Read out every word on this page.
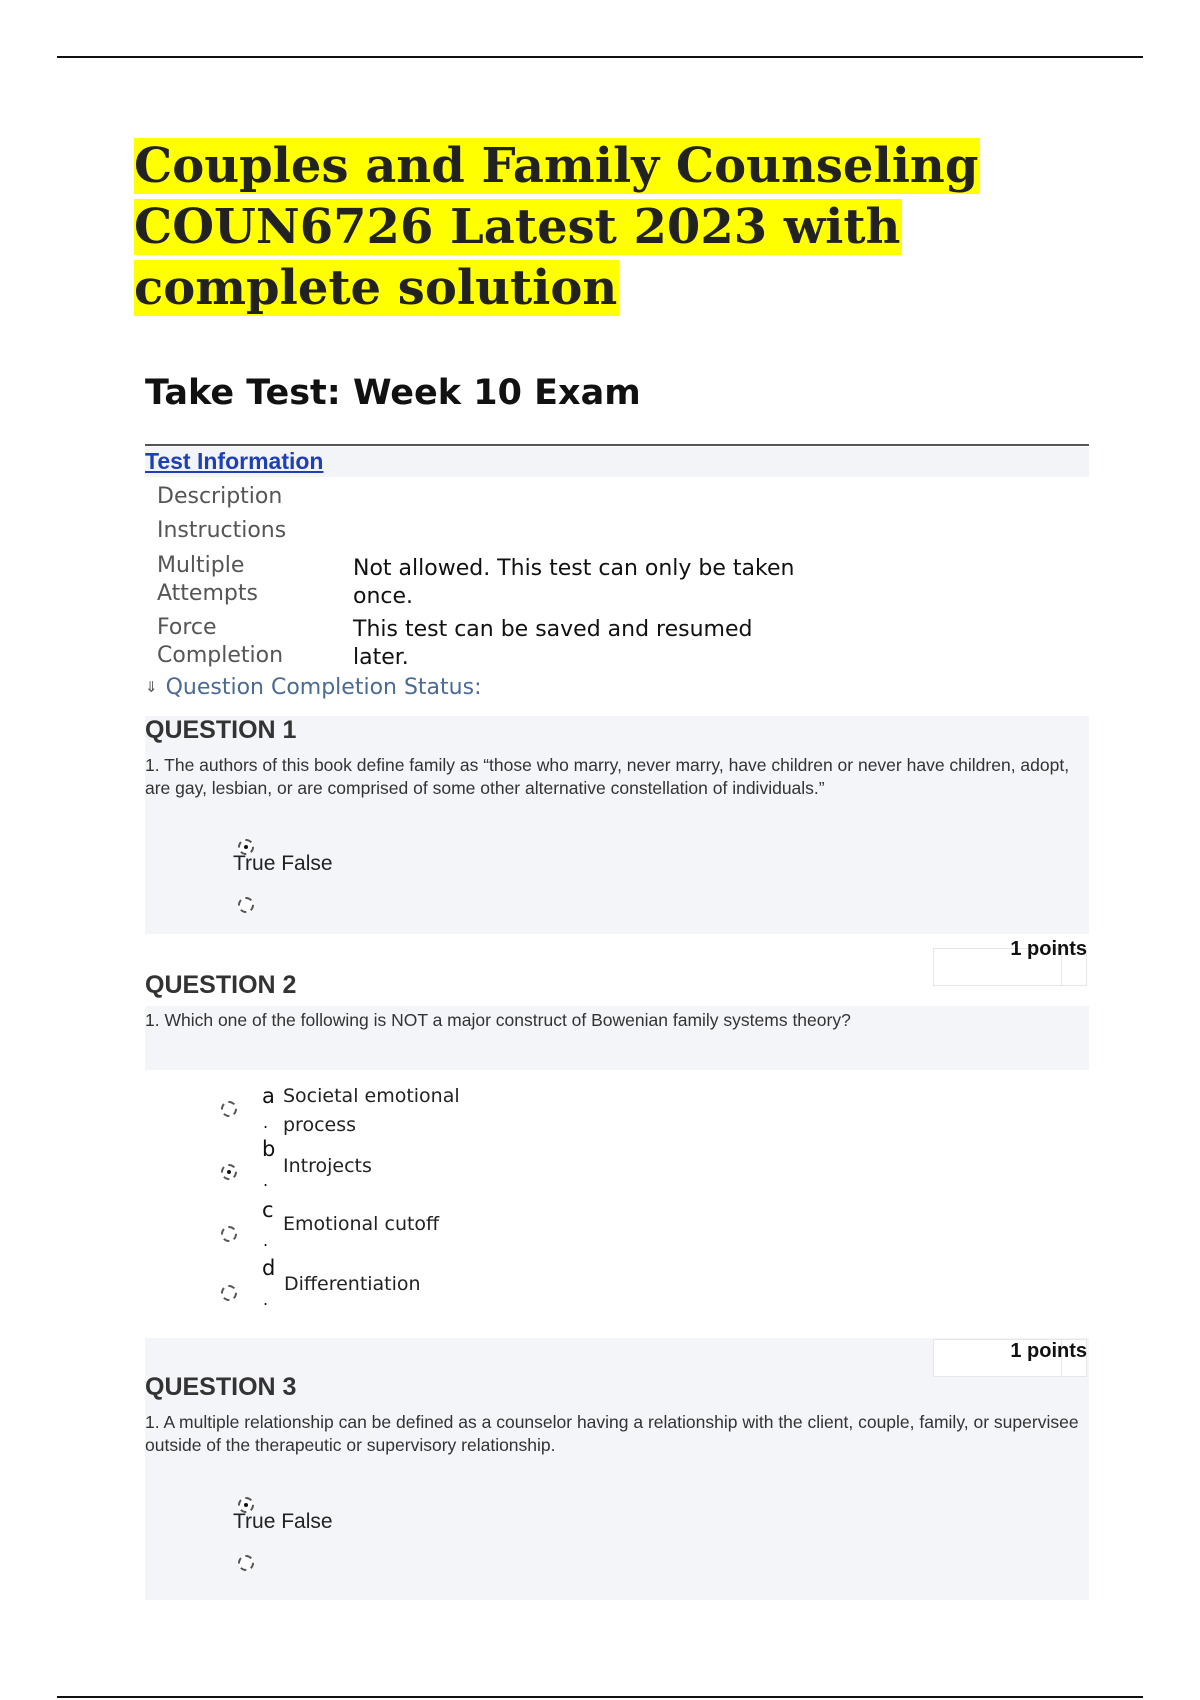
Couples and Family Counseling COUN6726 Latest 2023 with complete solution
Take Test: Week 10 Exam
Test Information
Description
Instructions
Multiple Attempts
Not allowed. This test can only be taken once.
Force Completion
This test can be saved and resumed later.
⇓ Question Completion Status:
QUESTION 1

1. The authors of this book define family as “those who marry, never marry, have children or never have children, adopt, are gay, lesbian, or are comprised of some other alternative constellation of individuals.”

True False
1 points
QUESTION 2

1. Which one of the following is NOT a major construct of Bowenian family systems theory?

a
.
Societal emotional process
b
.
Introjects
c
.
Emotional cutoff
d
.
Differentiation
1 points
QUESTION 3

1. A multiple relationship can be defined as a counselor having a relationship with the client, couple, family, or supervisee outside of the therapeutic or supervisory relationship.

True False
